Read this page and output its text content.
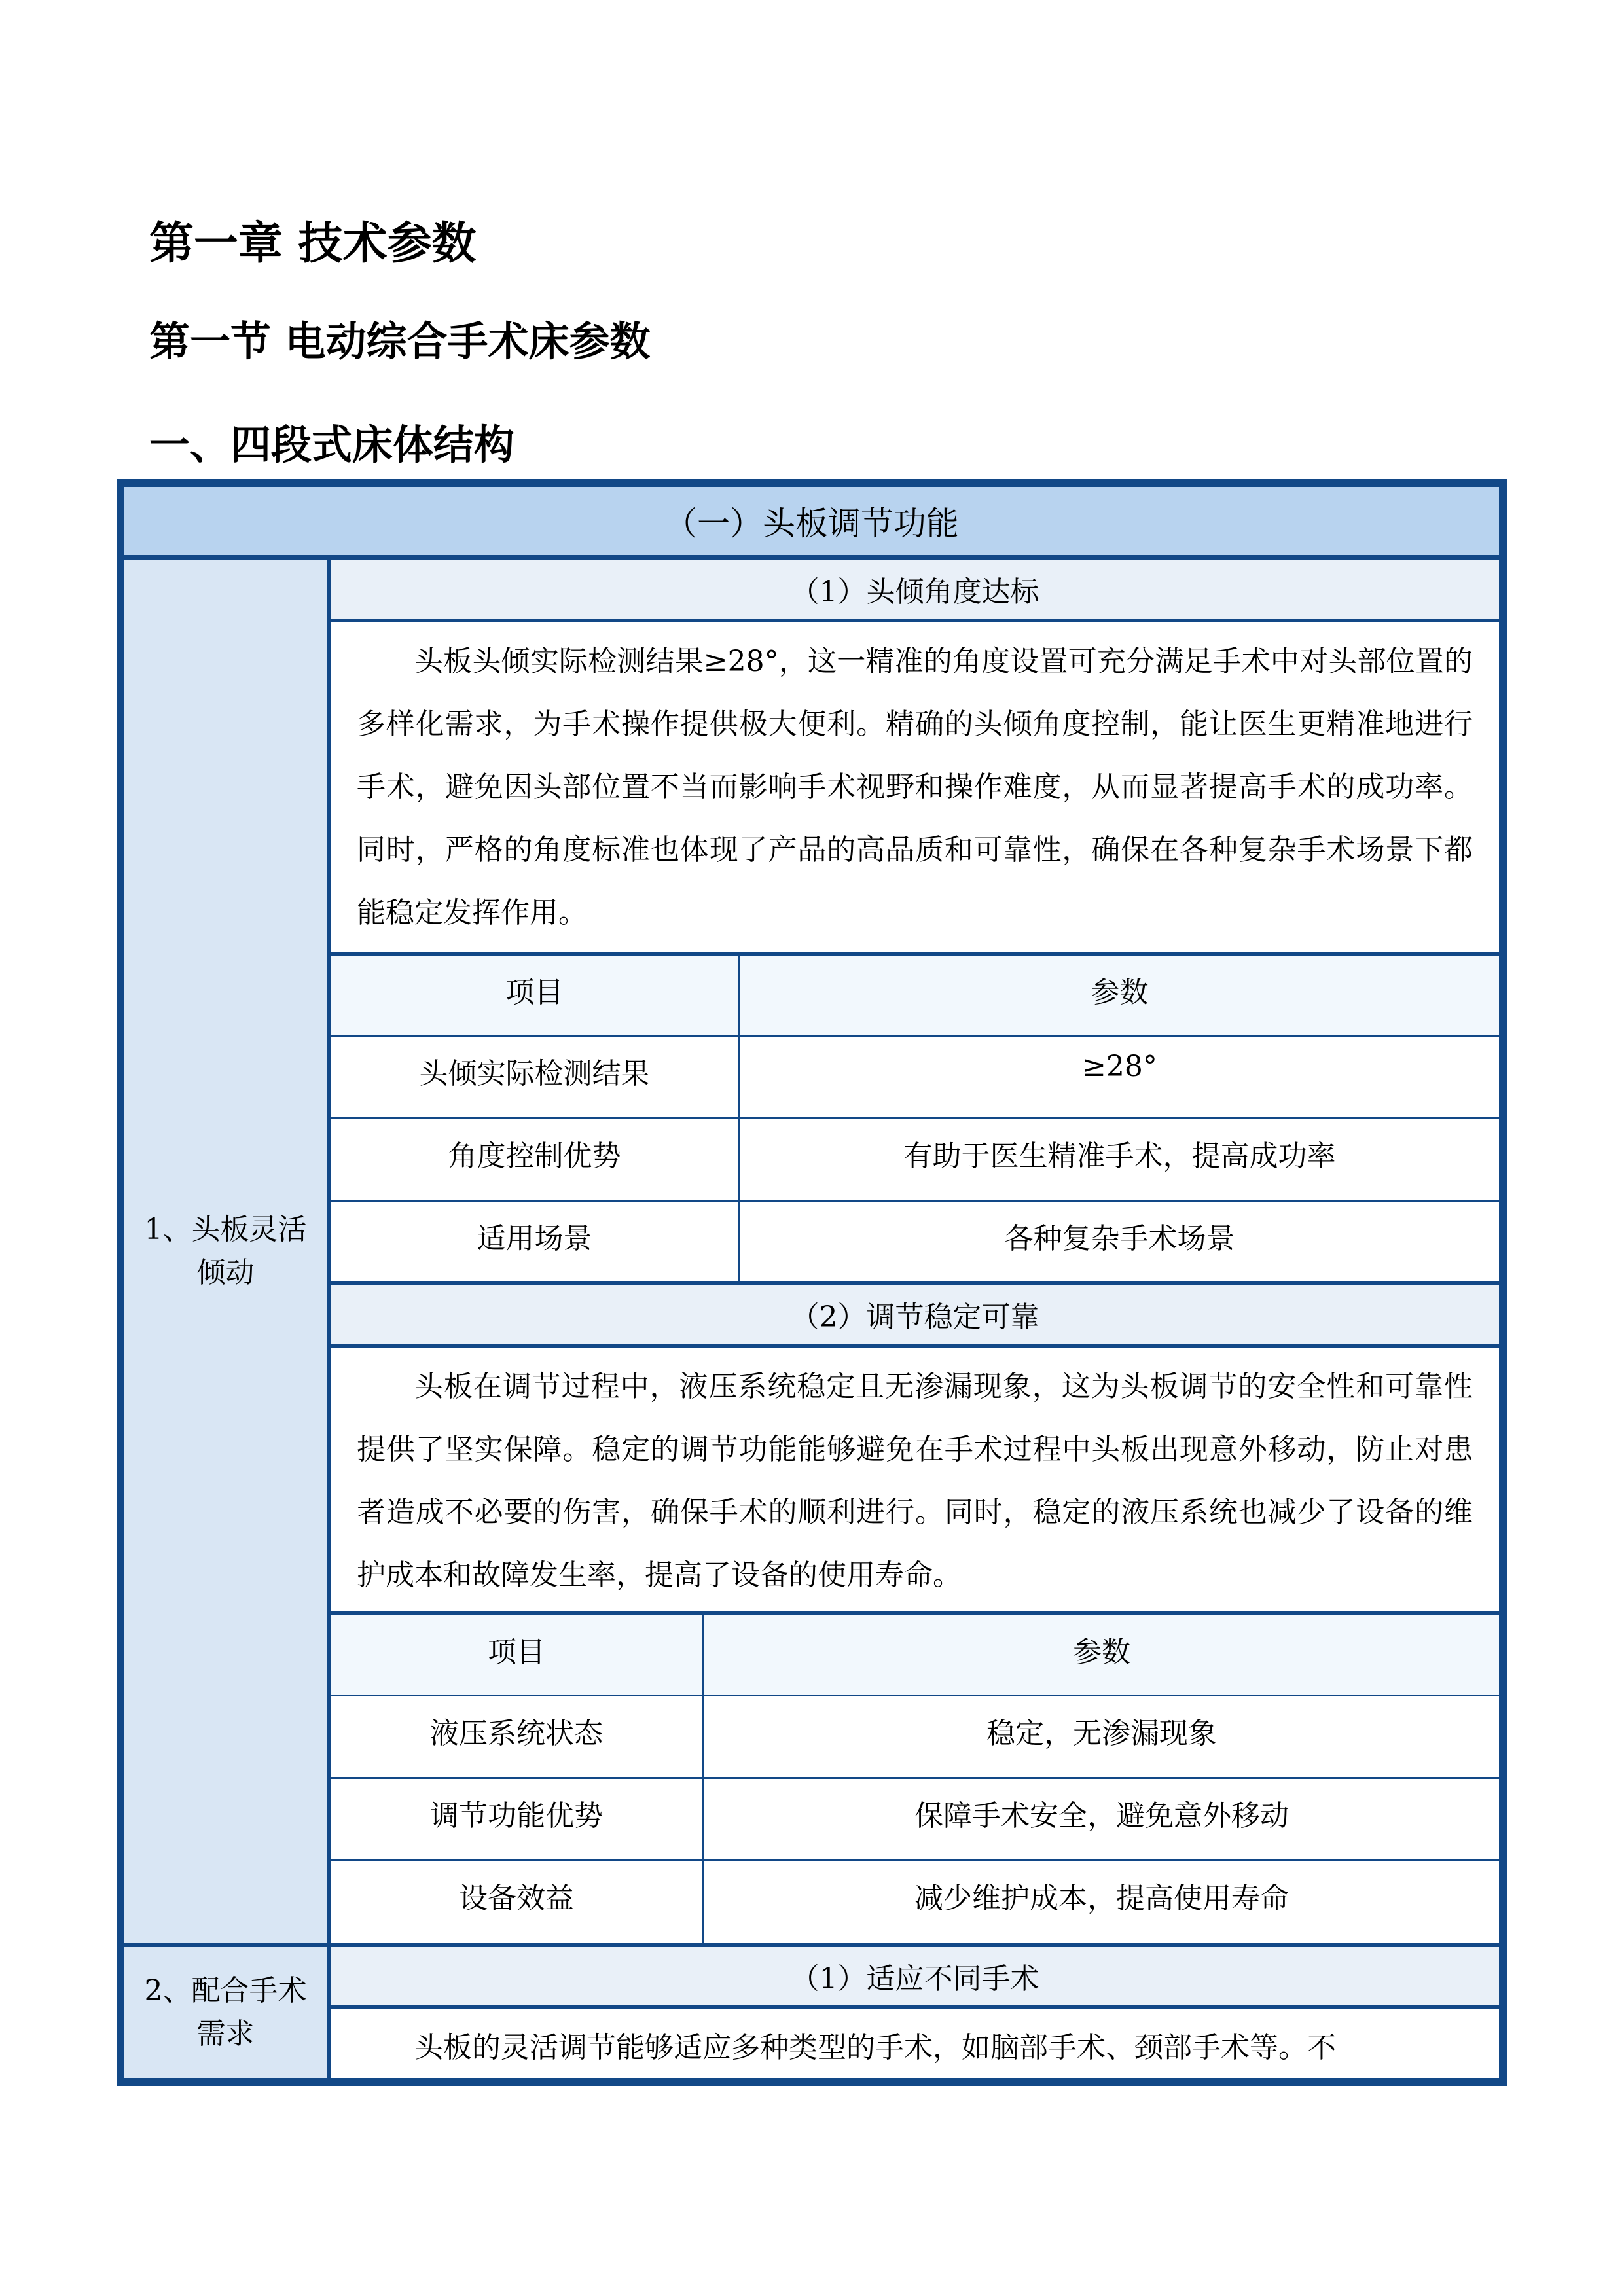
第一章 技术参数
第一节 电动综合手术床参数
一、四段式床体结构
（一）头板调节功能
1、头板灵活倾动
（1）头倾角度达标

头板头倾实际检测结果≥28°，这一精准的角度设置可充分满足手术中对头部位置的多样化需求，为手术操作提供极大便利。精确的头倾角度控制，能让医生更精准地进行手术，避免因头部位置不当而影响手术视野和操作难度，从而显著提高手术的成功率。同时，严格的角度标准也体现了产品的高品质和可靠性，确保在各种复杂手术场景下都能稳定发挥作用。

项目	参数
头倾实际检测结果	≥28°
角度控制优势	有助于医生精准手术，提高成功率
适用场景	各种复杂手术场景
（2）调节稳定可靠

头板在调节过程中，液压系统稳定且无渗漏现象，这为头板调节的安全性和可靠性提供了坚实保障。稳定的调节功能能够避免在手术过程中头板出现意外移动，防止对患者造成不必要的伤害，确保手术的顺利进行。同时，稳定的液压系统也减少了设备的维护成本和故障发生率，提高了设备的使用寿命。

项目	参数
液压系统状态	稳定，无渗漏现象
调节功能优势	保障手术安全，避免意外移动
设备效益	减少维护成本，提高使用寿命
2、配合手术需求
（1）适应不同手术

头板的灵活调节能够适应多种类型的手术，如脑部手术、颈部手术等。不
